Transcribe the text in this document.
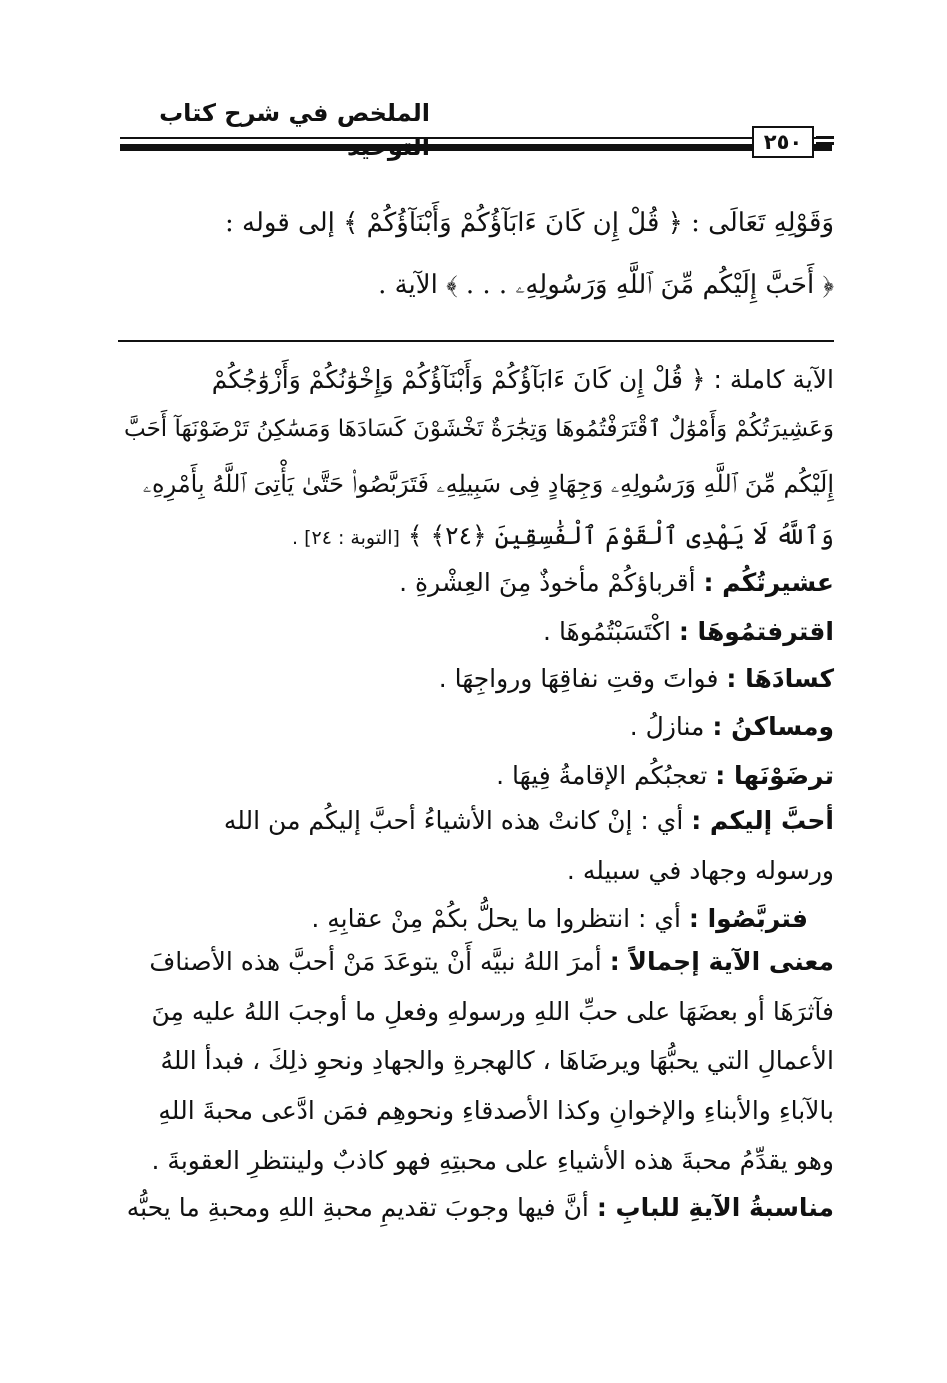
الملخص في شرح كتاب
٢٥٠
وَقَوْلِهِ تَعَالَى : ﴿ قُلْ إِن كَانَ ءَابَآؤُكُمْ وَأَبْنَآؤُكُمْ ﴾ إلى قوله :
﴿ أَحَبَّ إِلَيْكُم مِّنَ ٱللَّهِ وَرَسُولِهِۦ . . . ﴾ الآية .
الآية كاملة : ﴿ قُلْ إِن كَانَ ءَابَآؤُكُمْ وَأَبْنَآؤُكُمْ وَإِخْوَٰنُكُمْ وَأَزْوَٰجُكُمْ
وَعَشِيرَتُكُمْ وَأَمْوَٰلٌ ٱقْتَرَفْتُمُوهَا وَتِجَٰرَةٌ تَخْشَوْنَ كَسَادَهَا وَمَسَٰكِنُ تَرْضَوْنَهَآ أَحَبَّ
إِلَيْكُم مِّنَ ٱللَّهِ وَرَسُولِهِۦ وَجِهَادٍ فِى سَبِيلِهِۦ فَتَرَبَّصُوا۟ حَتَّىٰ يَأْتِىَ ٱللَّهُ بِأَمْرِهِۦ
وَٱللَّهُ لَا يَهْدِى ٱلْقَوْمَ ٱلْفَٰسِقِينَ ﴿٢٤﴾ ﴾ [التوبة : ٢٤] .
عشيرتُكُم : أقرباؤكُمْ مأخوذٌ مِنَ العِشْرةِ .
اقترفتمُوهَا : اكْتَسَبْتُمُوهَا .
كسادَهَا : فواتَ وقتِ نفاقِهَا ورواجِهَا .
ومساكنُ : منازلُ .
ترضَوْنَها : تعجبُكُم الإقامةُ فِيهَا .
أحبَّ إليكم : أي : إنْ كانتْ هذه الأشياءُ أحبَّ إليكُم من الله
ورسوله وجهاد في سبيله .
فتربَّصُوا : أي : انتظروا ما يحلُّ بكُمْ مِنْ عقابِهِ .
معنى الآية إجمالاً : أمرَ اللهُ نبيَّه أَنْ يتوعَدَ مَنْ أحبَّ هذه الأصنافَ
فآثرَهَا أو بعضَهَا على حبِّ اللهِ ورسولهِ وفعلِ ما أوجبَ اللهُ عليه مِنَ
الأعمالِ التي يحبُّهَا ويرضَاهَا ، كالهجرةِ والجهادِ ونحوِ ذلِكَ ، فبدأ اللهُ
بالآباءِ والأبناءِ والإخوانِ وكذا الأصدقاءِ ونحوهِم فمَن ادَّعى محبةَ اللهِ
وهو يقدِّمُ محبةَ هذه الأشياءِ على محبتِهِ فهو كاذبٌ ولينتظرِ العقوبةَ .
مناسبةُ الآيةِ للبابِ : أنَّ فيها وجوبَ تقديمِ محبةِ اللهِ ومحبةِ ما يحبُّه
